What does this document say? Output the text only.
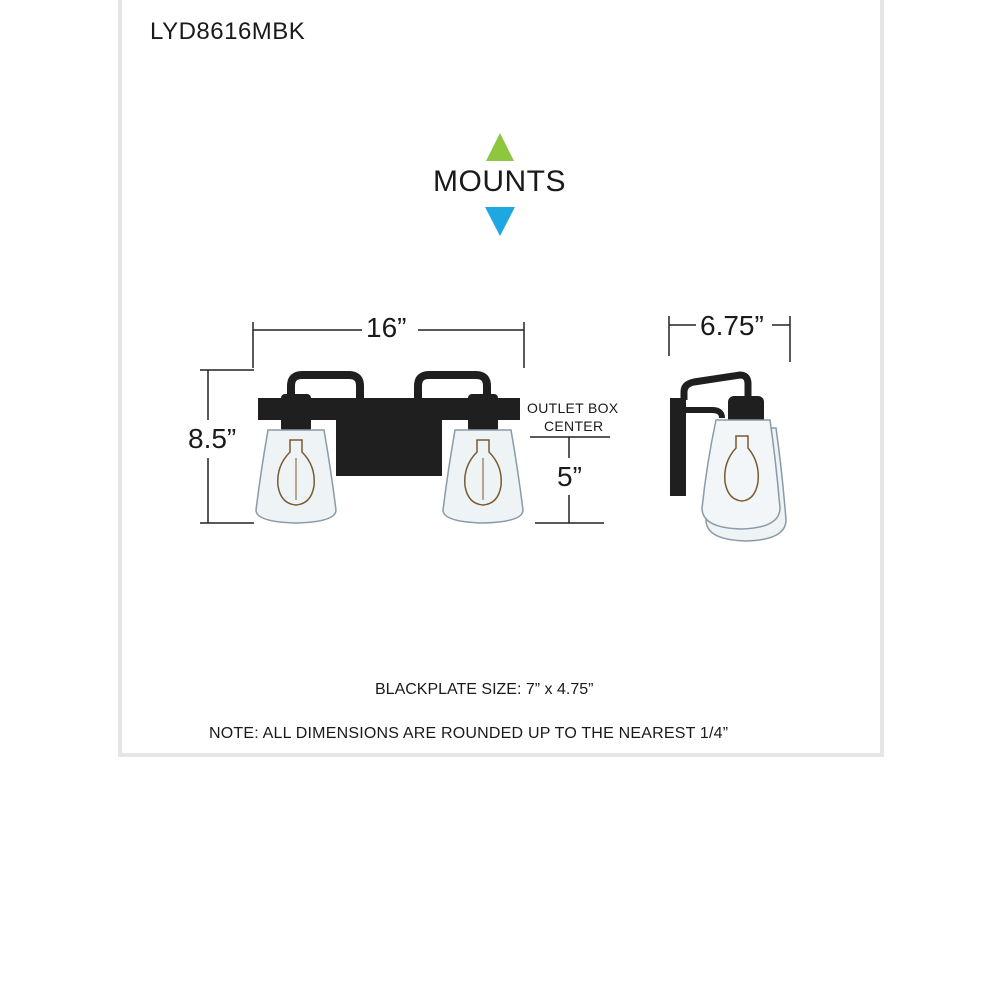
LYD8616MBK
MOUNTS
16”
8.5”
6.75”
OUTLET BOX
CENTER
5”
BLACKPLATE SIZE: 7” x 4.75”
NOTE: ALL DIMENSIONS ARE ROUNDED UP TO THE NEAREST 1/4”
